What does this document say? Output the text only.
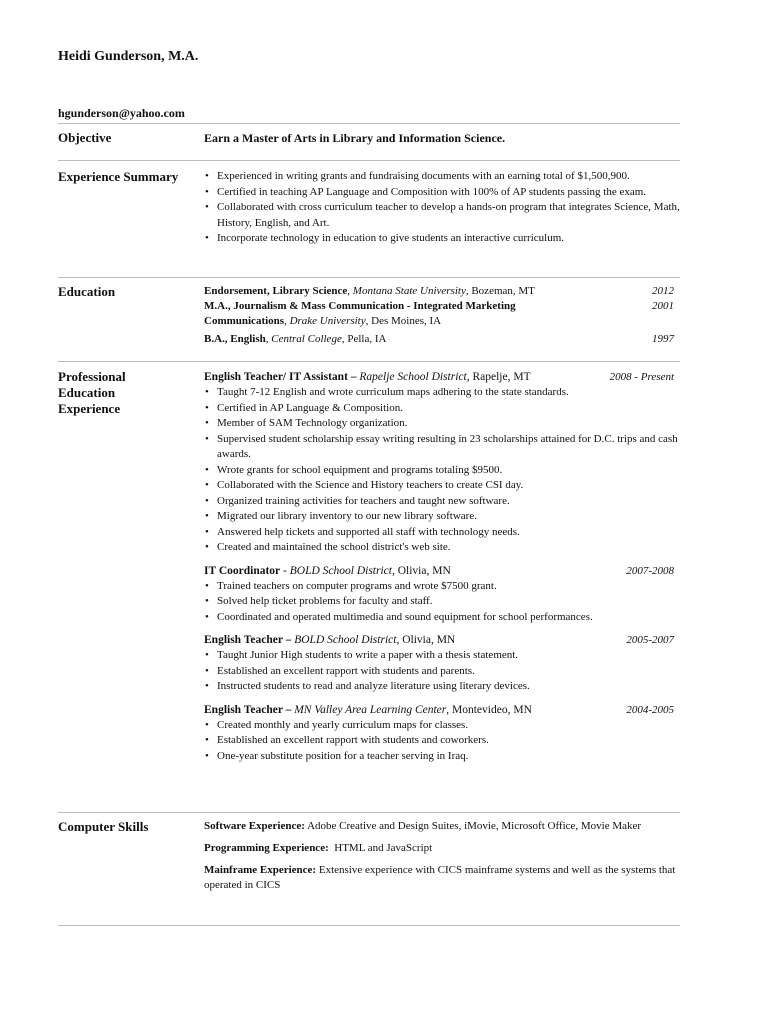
Heidi Gunderson, M.A.
hgunderson@yahoo.com
Objective	Earn a Master of Arts in Library and Information Science.
Experience Summary
•	Experienced in writing grants and fundraising documents with an earning total of $1,500,900.
• Certified in teaching AP Language and Composition with 100% of AP students passing the exam.
• Collaborated with cross curriculum teacher to develop a hands-on program that integrates Science, Math, History, English, and Art.
• Incorporate technology in education to give students an interactive curriculum.
Education	Endorsement, Library Science, Montana State University, Bozeman, MT	2012
M.A., Journalism & Mass Communication - Integrated Marketing Communications, Drake University, Des Moines, IA
2001
B.A., English, Central College, Pella, IA	1997
Professional Education Experience
English Teacher/ IT Assistant – Rapelje School District, Rapelje, MT	2008 - Present
• Taught 7-12 English and wrote curriculum maps adhering to the state standards.
• Certified in AP Language & Composition.
• Member of SAM Technology organization.
• Supervised student scholarship essay writing resulting in 23 scholarships attained for D.C. trips and cash awards.
• Wrote grants for school equipment and programs totaling $9500.
• Collaborated with the Science and History teachers to create CSI day.
• Organized training activities for teachers and taught new software.
• Migrated our library inventory to our new library software.
• Answered help tickets and supported all staff with technology needs.
• Created and maintained the school district's web site.
IT Coordinator - BOLD School District, Olivia, MN	2007-2008
• Trained teachers on computer programs and wrote $7500 grant.
• Solved help ticket problems for faculty and staff.
• Coordinated and operated multimedia and sound equipment for school performances.
English Teacher – BOLD School District, Olivia, MN	2005-2007
• Taught Junior High students to write a paper with a thesis statement.
• Established an excellent rapport with students and parents.
• Instructed students to read and analyze literature using literary devices.
English Teacher – MN Valley Area Learning Center, Montevideo, MN	2004-2005
• Created monthly and yearly curriculum maps for classes.
• Established an excellent rapport with students and coworkers.
• One-year substitute position for a teacher serving in Iraq.
Computer Skills	Software Experience: Adobe Creative and Design Suites, iMovie, Microsoft Office, Movie Maker
Programming Experience:  HTML and JavaScript
Mainframe Experience: Extensive experience with CICS mainframe systems and well as the systems that operated in CICS
